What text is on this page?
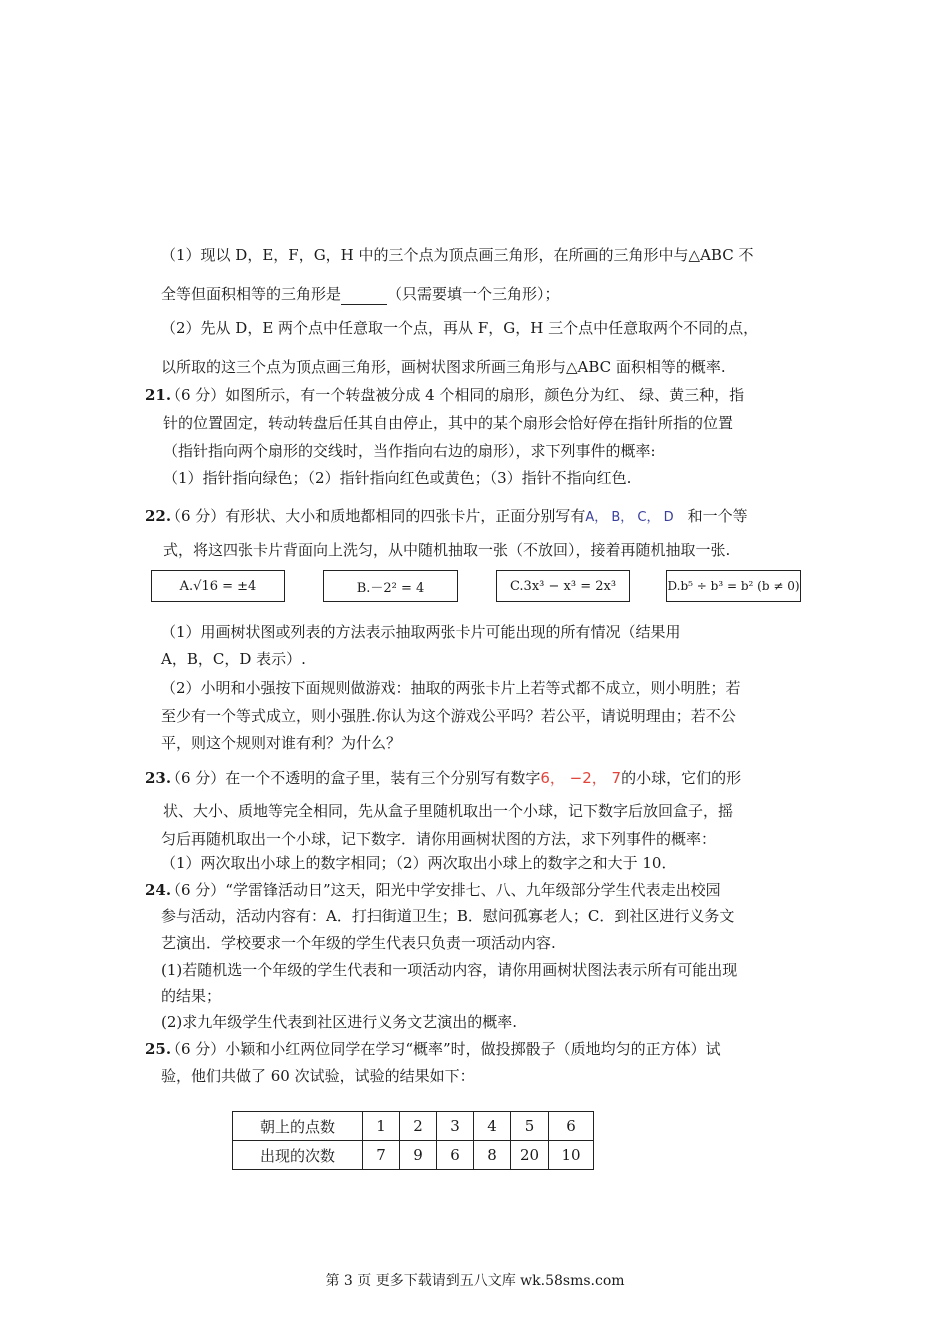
（1）现以 D，E，F，G，H 中的三个点为顶点画三角形，在所画的三角形中与△ABC 不
全等但面积相等的三角形是	（只需要填一个三角形）；
（2）先从 D，E 两个点中任意取一个点，再从 F，G，H 三个点中任意取两个不同的点，
以所取的这三个点为顶点画三角形，画树状图求所画三角形与△ABC 面积相等的概率.
21.
（6 分）如图所示，有一个转盘被分成 4 个相同的扇形，颜色分为红、 绿、黄三种，指
针的位置固定，转动转盘后任其自由停止，其中的某个扇形会恰好停在指针所指的位置
（指针指向两个扇形的交线时，当作指向右边的扇形），求下列事件的概率:
（1）指针指向绿色；（2）指针指向红色或黄色；（3）指针不指向红色.
22.
（6 分）有形状、大小和质地都相同的四张卡片，正面分别写有A， B， C， D 和一个等
式，将这四张卡片背面向上洗匀，从中随机抽取一张（不放回），接着再随机抽取一张.
A.√16 = ±4	B.－2² = 4	C.3x³ − x³ = 2x³	D.b⁵ ÷ b³ = b² (b ≠ 0)
（1）用画树状图或列表的方法表示抽取两张卡片可能出现的所有情况（结果用
A，B，C，D 表示）.
（2）小明和小强按下面规则做游戏：抽取的两张卡片上若等式都不成立，则小明胜；若
至少有一个等式成立，则小强胜.你认为这个游戏公平吗？若公平，请说明理由；若不公
平，则这个规则对谁有利？为什么？
23.
（6 分）在一个不透明的盒子里，装有三个分别写有数字6， −2， 7的小球，它们的形
状、大小、质地等完全相同，先从盒子里随机取出一个小球，记下数字后放回盒子，摇
匀后再随机取出一个小球，记下数字．请你用画树状图的方法，求下列事件的概率：
（1）两次取出小球上的数字相同；（2）两次取出小球上的数字之和大于 10．
24.
（6 分）“学雷锋活动日”这天，阳光中学安排七、八、九年级部分学生代表走出校园
参与活动，活动内容有：A．打扫街道卫生；B．慰问孤寡老人；C．到社区进行义务文
艺演出．学校要求一个年级的学生代表只负责一项活动内容.
(1)若随机选一个年级的学生代表和一项活动内容，请你用画树状图法表示所有可能出现
的结果；
(2)求九年级学生代表到社区进行义务文艺演出的概率.
25.
（6 分）小颖和小红两位同学在学习“概率”时，做投掷骰子（质地均匀的正方体）试
验，他们共做了 60 次试验，试验的结果如下：
朝上的点数	1	2	3	4	5	6
出现的次数	7	9	6	8	20	10
第 3 页 更多下载请到五八文库 wk.58sms.com
